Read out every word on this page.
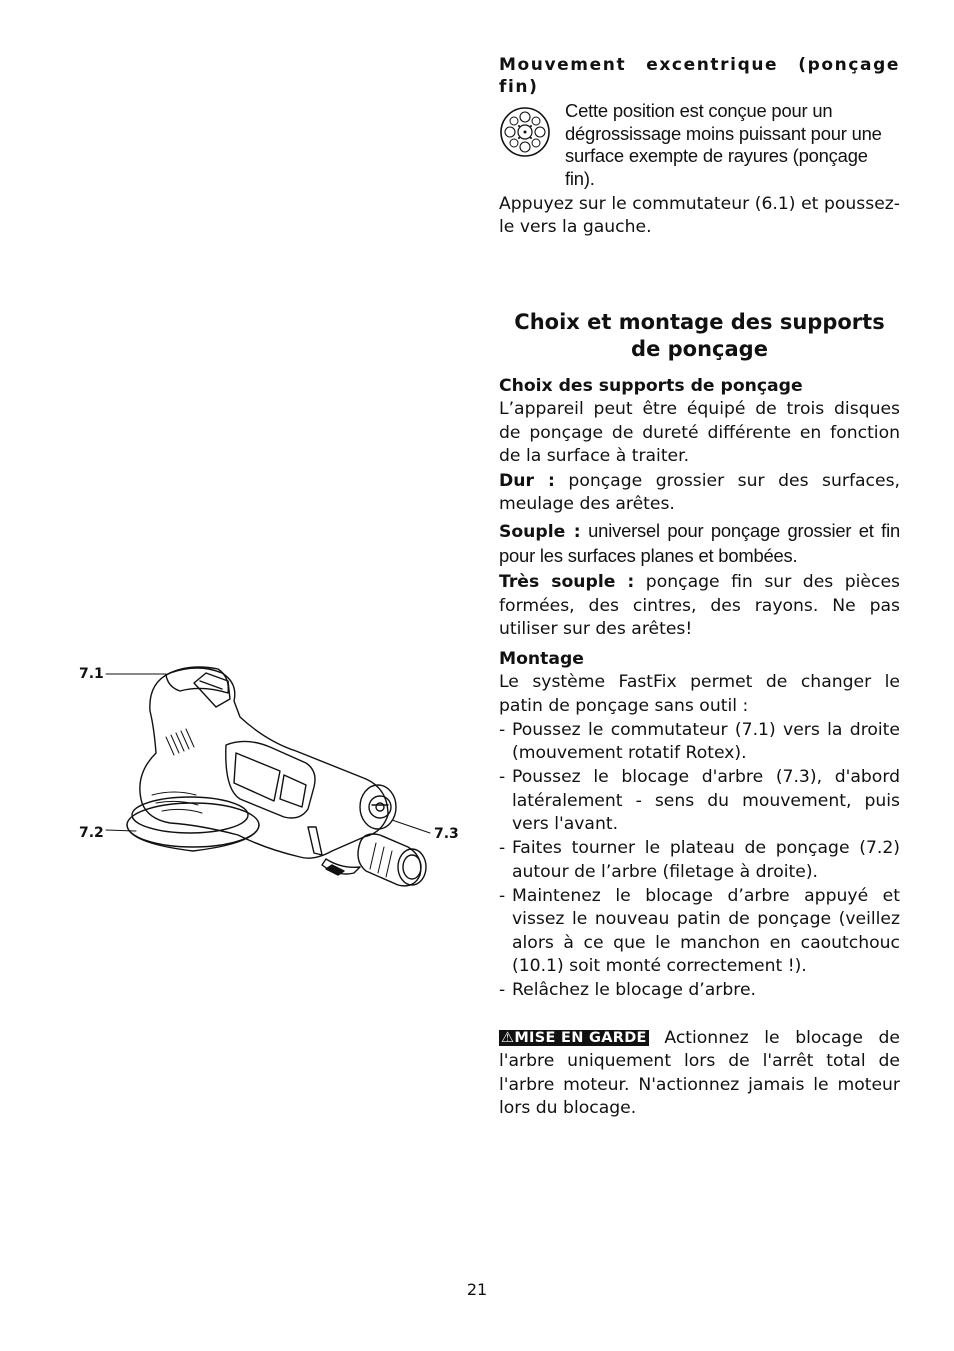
Mouvement excentrique (ponçage fin)

Cette position est conçue pour un dégrossissage moins puissant pour une surface exempte de rayures (ponçage fin).

Appuyez sur le commutateur (6.1) et poussez-le vers la gauche.

Choix et montage des supports
de ponçage

Choix des supports de ponçage

L’appareil peut être équipé de trois disques de ponçage de dureté différente en fonction de la surface à traiter.

Dur : ponçage grossier sur des surfaces, meulage des arêtes.

Souple : universel pour ponçage grossier et fin pour les surfaces planes et bombées.

Très souple : ponçage fin sur des pièces formées, des cintres, des rayons. Ne pas utiliser sur des arêtes!

Montage

Le système FastFix permet de changer le patin de ponçage sans outil :

- Poussez le commutateur (7.1) vers la droite (mouvement rotatif Rotex).
- Poussez le blocage d'arbre (7.3), d'abord latéralement - sens du mouvement, puis vers l'avant.
- Faites tourner le plateau de ponçage (7.2) autour de l’arbre (filetage à droite).
- Maintenez le blocage d’arbre appuyé et vissez le nouveau patin de ponçage (veillez alors à ce que le manchon en caoutchouc (10.1) soit monté correctement !).
- Relâchez le blocage d’arbre.

⚠MISE EN GARDE Actionnez le blocage de l'arbre uniquement lors de l'arrêt total de l'arbre moteur. N'actionnez jamais le moteur lors du blocage.

7.1
7.2	7.3
21
